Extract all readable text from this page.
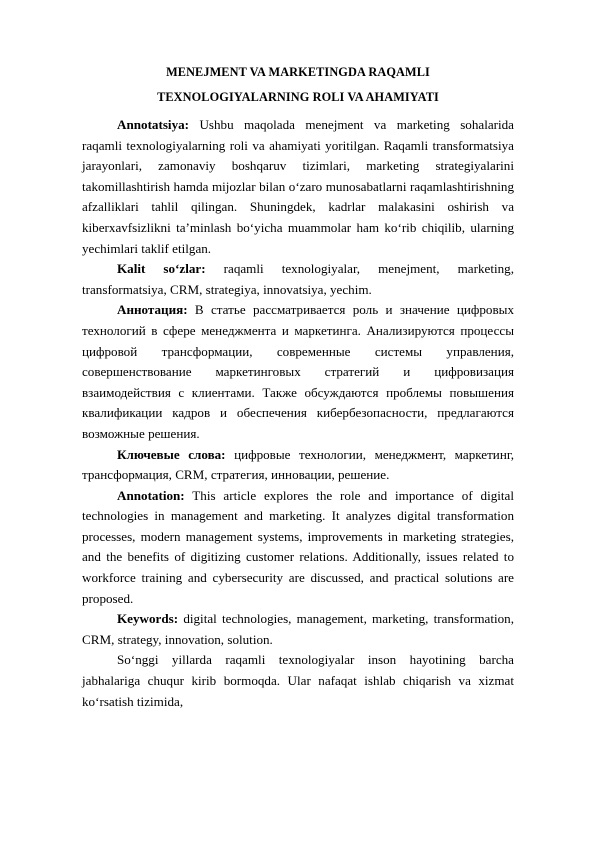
MENEJMENT VA MARKETINGDA RAQAMLI
TEXNOLOGIYALARNING ROLI VA AHAMIYATI

Annotatsiya: Ushbu maqolada menejment va marketing sohalarida raqamli texnologiyalarning roli va ahamiyati yoritilgan. Raqamli transformatsiya jarayonlari, zamonaviy boshqaruv tizimlari, marketing strategiyalarini takomillashtirish hamda mijozlar bilan o‘zaro munosabatlarni raqamlashtirishning afzalliklari tahlil qilingan. Shuningdek, kadrlar malakasini oshirish va kiberxavfsizlikni ta’minlash bo‘yicha muammolar ham ko‘rib chiqilib, ularning yechimlari taklif etilgan.

Kalit so‘zlar: raqamli texnologiyalar, menejment, marketing, transformatsiya, CRM, strategiya, innovatsiya, yechim.

Аннотация: В статье рассматривается роль и значение цифровых технологий в сфере менеджмента и маркетинга. Анализируются процессы цифровой трансформации, современные системы управления, совершенствование маркетинговых стратегий и цифровизация взаимодействия с клиентами. Также обсуждаются проблемы повышения квалификации кадров и обеспечения кибербезопасности, предлагаются возможные решения.

Ключевые слова: цифровые технологии, менеджмент, маркетинг, трансформация, CRM, стратегия, инновации, решение.

Annotation: This article explores the role and importance of digital technologies in management and marketing. It analyzes digital transformation processes, modern management systems, improvements in marketing strategies, and the benefits of digitizing customer relations. Additionally, issues related to workforce training and cybersecurity are discussed, and practical solutions are proposed.

Keywords: digital technologies, management, marketing, transformation, CRM, strategy, innovation, solution.

So‘nggi yillarda raqamli texnologiyalar inson hayotining barcha jabhalariga chuqur kirib bormoqda. Ular nafaqat ishlab chiqarish va xizmat ko‘rsatish tizimida,
